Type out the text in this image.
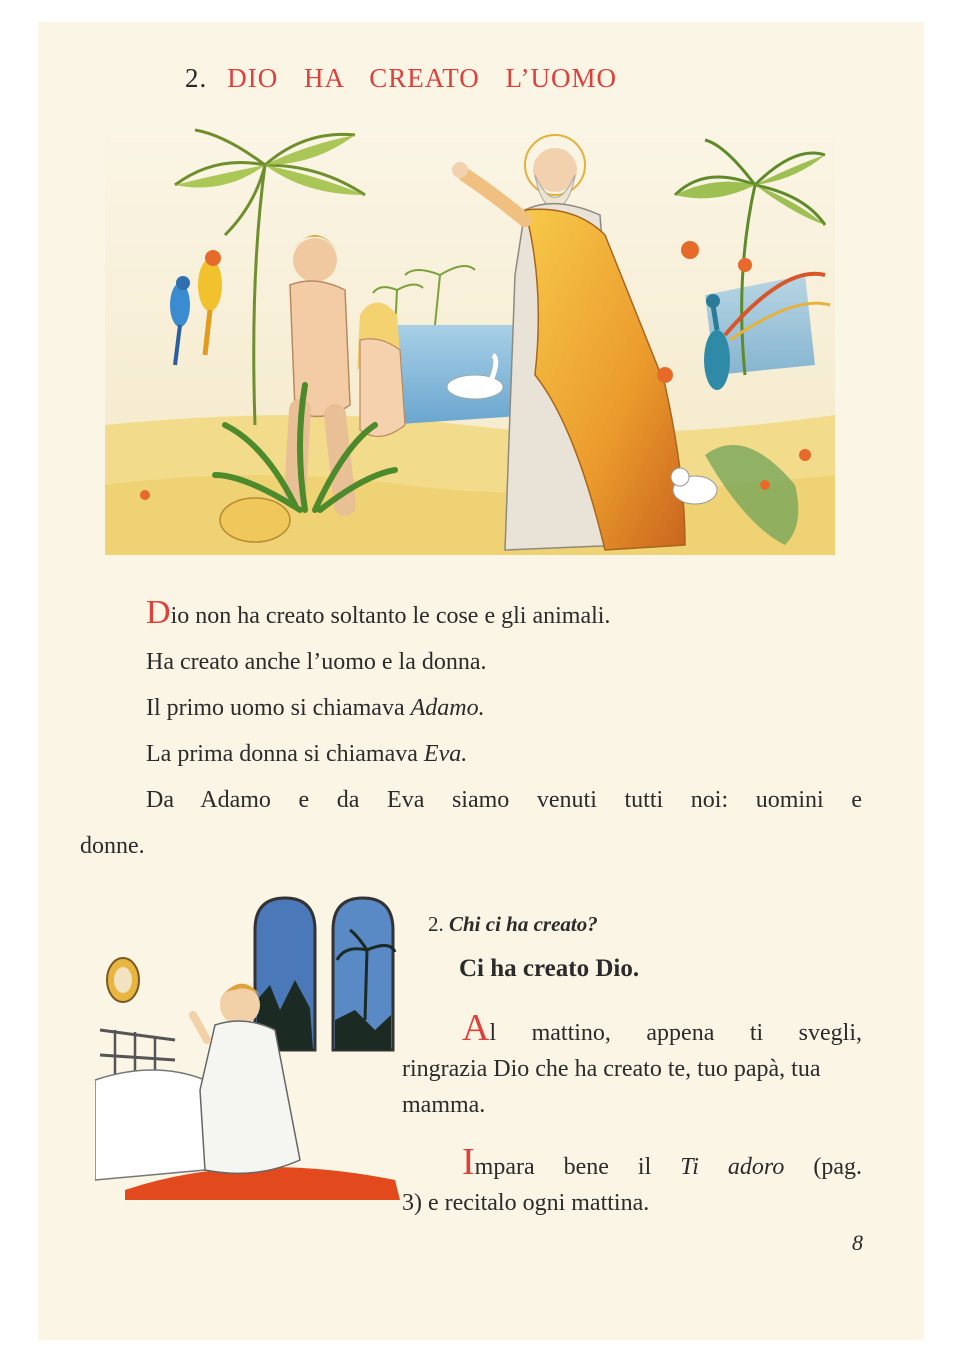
2. DIO HA CREATO L’UOMO

Dio non ha creato soltanto le cose e gli animali.

Ha creato anche l’uomo e la donna.

Il primo uomo si chiamava Adamo.

La prima donna si chiamava Eva.

Da Adamo e da Eva siamo venuti tutti noi: uomini e

donne.

2. Chi ci ha creato?
Ci ha creato Dio.

Al mattino, appena ti svegli,
ringrazia Dio che ha creato te, tuo papà, tua mamma.

Impara bene il Ti adoro (pag.
3) e recitalo ogni mattina.

8
